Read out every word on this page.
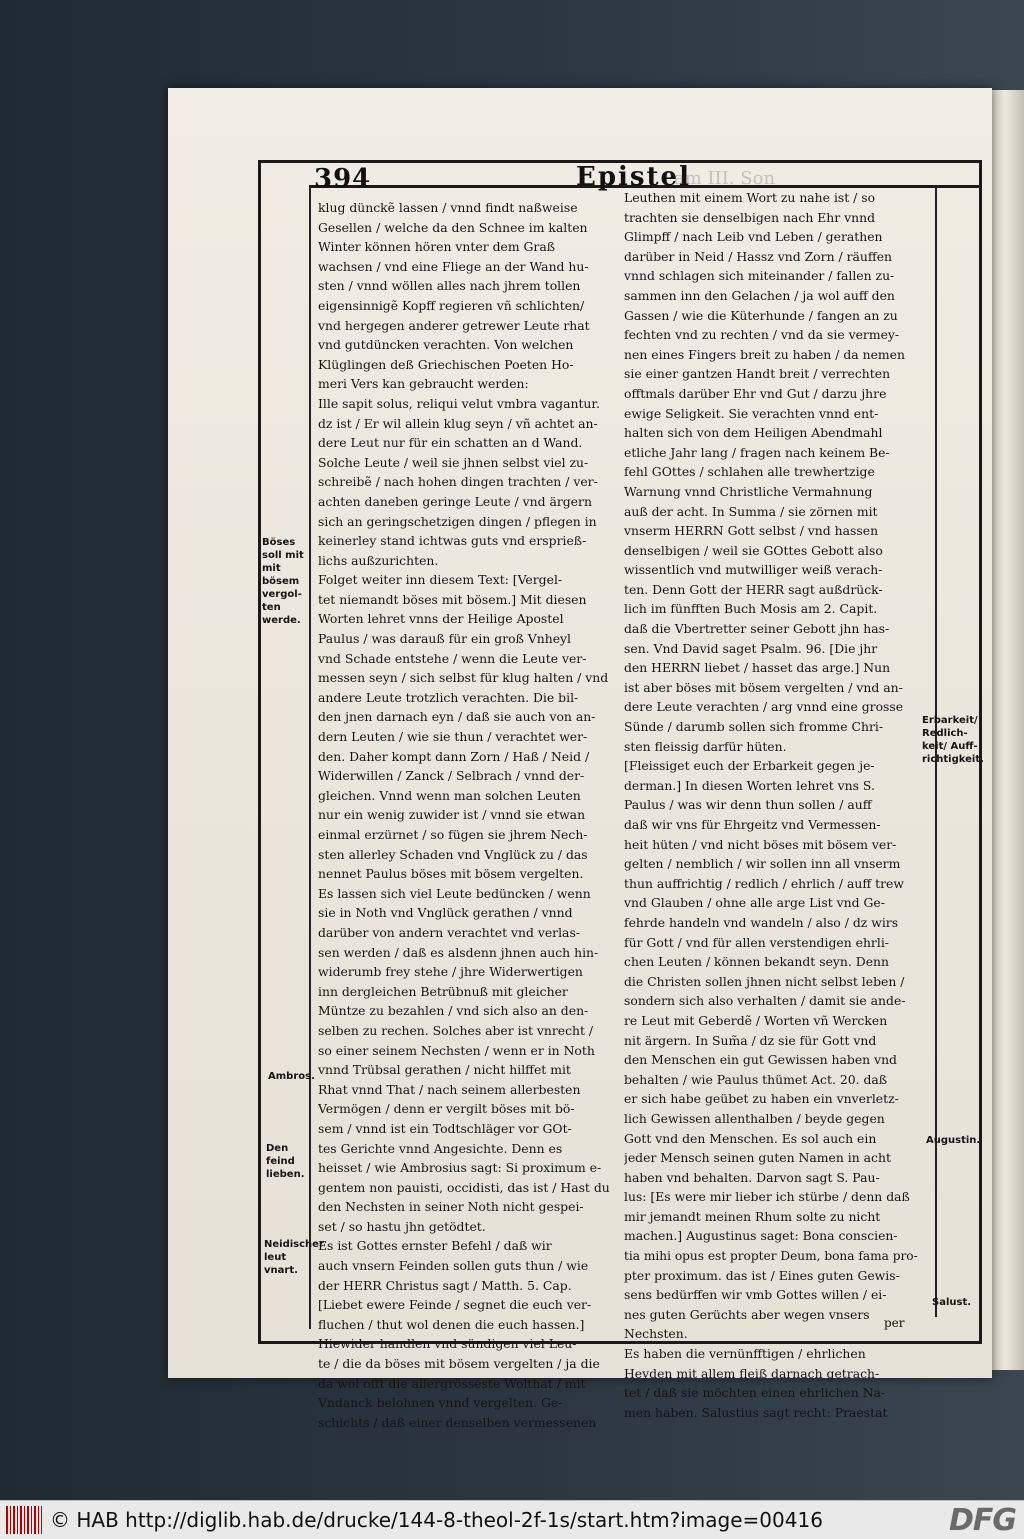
394	Epistel
am III. Son
klug dünckẽ lassen / vnnd findt naßweise
Gesellen / welche da den Schnee im kalten
Winter können hören vnter dem Graß
wachsen / vnd eine Fliege an der Wand hu-
sten / vnnd wöllen alles nach jhrem tollen
eigensinnigẽ Kopff regieren vñ schlichten/
vnd hergegen anderer getrewer Leute rhat
vnd gutdüncken verachten. Von welchen
Klüglingen deß Griechischen Poeten Ho-
meri Vers kan gebraucht werden:
Ille sapit solus, reliqui velut vmbra vagantur.
dz ist / Er wil allein klug seyn / vñ achtet an-
dere Leut nur für ein schatten an d Wand.
Solche Leute / weil sie jhnen selbst viel zu-
schreibẽ / nach hohen dingen trachten / ver-
achten daneben geringe Leute / vnd ärgern
sich an geringschetzigen dingen / pflegen in
keinerley stand ichtwas guts vnd ersprieß-
lichs außzurichten.
Folget weiter inn diesem Text: [Vergel-
tet niemandt böses mit bösem.] Mit diesen
Worten lehret vnns der Heilige Apostel
Paulus / was darauß für ein groß Vnheyl
vnd Schade entstehe / wenn die Leute ver-
messen seyn / sich selbst für klug halten / vnd
andere Leute trotzlich verachten. Die bil-
den jnen darnach eyn / daß sie auch von an-
dern Leuten / wie sie thun / verachtet wer-
den. Daher kompt dann Zorn / Haß / Neid /
Widerwillen / Zanck / Selbrach / vnnd der-
gleichen. Vnnd wenn man solchen Leuten
nur ein wenig zuwider ist / vnnd sie etwan
einmal erzürnet / so fügen sie jhrem Nech-
sten allerley Schaden vnd Vnglück zu / das
nennet Paulus böses mit bösem vergelten.
Es lassen sich viel Leute bedüncken / wenn
sie in Noth vnd Vnglück gerathen / vnnd
darüber von andern verachtet vnd verlas-
sen werden / daß es alsdenn jhnen auch hin-
widerumb frey stehe / jhre Widerwertigen
inn dergleichen Betrübnuß mit gleicher
Müntze zu bezahlen / vnd sich also an den-
selben zu rechen. Solches aber ist vnrecht /
so einer seinem Nechsten / wenn er in Noth
vnnd Trübsal gerathen / nicht hilffet mit
Rhat vnnd That / nach seinem allerbesten
Vermögen / denn er vergilt böses mit bö-
sem / vnnd ist ein Todtschläger vor GOt-
tes Gerichte vnnd Angesichte. Denn es
heisset / wie Ambrosius sagt: Si proximum e-
gentem non pauisti, occidisti, das ist / Hast du
den Nechsten in seiner Noth nicht gespei-
set / so hastu jhn getödtet.
Es ist Gottes ernster Befehl / daß wir
auch vnsern Feinden sollen guts thun / wie
der HERR Christus sagt / Matth. 5. Cap.
[Liebet ewere Feinde / segnet die euch ver-
fluchen / thut wol denen die euch hassen.]
Hiewider handlen vnd sündigen viel Leu-
te / die da böses mit bösem vergelten / ja die
da wol offt die allergrösseste Wolthat / mit
Vndanck belohnen vnnd vergelten. Ge-
schichts / daß einer denselben vermessenen
Leuthen mit einem Wort zu nahe ist / so
trachten sie denselbigen nach Ehr vnnd
Glimpff / nach Leib vnd Leben / gerathen
darüber in Neid / Hassz vnd Zorn / räuffen
vnnd schlagen sich miteinander / fallen zu-
sammen inn den Gelachen / ja wol auff den
Gassen / wie die Küterhunde / fangen an zu
fechten vnd zu rechten / vnd da sie vermey-
nen eines Fingers breit zu haben / da nemen
sie einer gantzen Handt breit / verrechten
offtmals darüber Ehr vnd Gut / darzu jhre
ewige Seligkeit. Sie verachten vnnd ent-
halten sich von dem Heiligen Abendmahl
etliche Jahr lang / fragen nach keinem Be-
fehl GOttes / schlahen alle trewhertzige
Warnung vnnd Christliche Vermahnung
auß der acht. In Summa / sie zörnen mit
vnserm HERRN Gott selbst / vnd hassen
denselbigen / weil sie GOttes Gebott also
wissentlich vnd mutwilliger weiß verach-
ten. Denn Gott der HERR sagt außdrück-
lich im fünfften Buch Mosis am 2. Capit.
daß die Vbertretter seiner Gebott jhn has-
sen. Vnd David saget Psalm. 96. [Die jhr
den HERRN liebet / hasset das arge.] Nun
ist aber böses mit bösem vergelten / vnd an-
dere Leute verachten / arg vnnd eine grosse
Sünde / darumb sollen sich fromme Chri-
sten fleissig darfür hüten.
[Fleissiget euch der Erbarkeit gegen je-
derman.] In diesen Worten lehret vns S.
Paulus / was wir denn thun sollen / auff
daß wir vns für Ehrgeitz vnd Vermessen-
heit hüten / vnd nicht böses mit bösem ver-
gelten / nemblich / wir sollen inn all vnserm
thun auffrichtig / redlich / ehrlich / auff trew
vnd Glauben / ohne alle arge List vnd Ge-
fehrde handeln vnd wandeln / also / dz wirs
für Gott / vnd für allen verstendigen ehrli-
chen Leuten / können bekandt seyn. Denn
die Christen sollen jhnen nicht selbst leben /
sondern sich also verhalten / damit sie ande-
re Leut mit Geberdẽ / Worten vñ Wercken
nit ärgern. In Sum̃a / dz sie für Gott vnd
den Menschen ein gut Gewissen haben vnd
behalten / wie Paulus thümet Act. 20. daß
er sich habe geübet zu haben ein vnverletz-
lich Gewissen allenthalben / beyde gegen
Gott vnd den Menschen. Es sol auch ein
jeder Mensch seinen guten Namen in acht
haben vnd behalten. Darvon sagt S. Pau-
lus: [Es were mir lieber ich stürbe / denn daß
mir jemandt meinen Rhum solte zu nicht
machen.] Augustinus saget: Bona conscien-
tia mihi opus est propter Deum, bona fama pro-
pter proximum. das ist / Eines guten Gewis-
sens bedürffen wir vmb Gottes willen / ei-
nes guten Gerüchts aber wegen vnsers
Nechsten.
Es haben die vernünfftigen / ehrlichen
Heyden mit allem fleiß darnach getrach-
tet / daß sie möchten einen ehrlichen Na-
men haben. Salustius sagt recht: Praestat
Böses soll mit mit bösem vergol-ten werde.
Ambros.
Den feind lieben.
Neidischer leut vnart.
Erbarkeit/ Redlich-keit/ Auff-richtigkeit.
Augustin.
Salust.
per
© HAB http://diglib.hab.de/drucke/144-8-theol-2f-1s/start.htm?image=00416	DFG
